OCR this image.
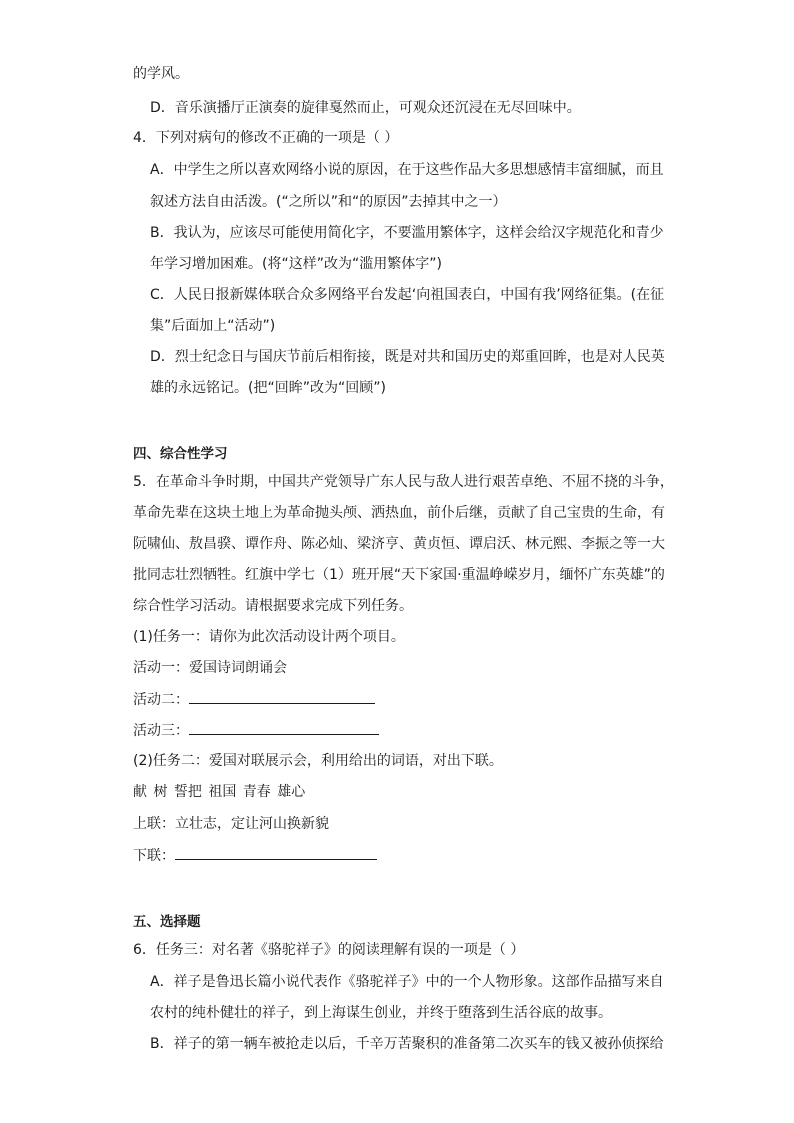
的学风。
D．音乐演播厅正演奏的旋律戛然而止，可观众还沉浸在无尽回味中。
4．下列对病句的修改不正确的一项是（ ）
A．中学生之所以喜欢网络小说的原因，在于这些作品大多思想感情丰富细腻，而且
叙述方法自由活泼。(“之所以”和“的原因”去掉其中之一）
B．我认为，应该尽可能使用简化字，不要滥用繁体字，这样会给汉字规范化和青少
年学习增加困难。(将“这样”改为“滥用繁体字”)
C．人民日报新媒体联合众多网络平台发起‘向祖国表白，中国有我’网络征集。(在征
集”后面加上“活动”)
D．烈士纪念日与国庆节前后相衔接，既是对共和国历史的郑重回眸，也是对人民英
雄的永远铭记。(把“回眸”改为“回顾”)
四、综合性学习
5．在革命斗争时期，中国共产党领导广东人民与敌人进行艰苦卓绝、不屈不挠的斗争，
革命先辈在这块土地上为革命抛头颅、洒热血，前仆后继，贡献了自己宝贵的生命，有
阮啸仙、敖昌骙、谭作舟、陈必灿、梁济亨、黄贞恒、谭启沃、林元熙、李振之等一大
批同志壮烈牺牲。红旗中学七（1）班开展“天下家国·重温峥嵘岁月，缅怀广东英雄”的
综合性学习活动。请根据要求完成下列任务。
(1)任务一：请你为此次活动设计两个项目。
活动一：爱国诗词朗诵会
活动二：
活动三：
(2)任务二：爱国对联展示会，利用给出的词语，对出下联。
献 树 誓把 祖国 青春 雄心
上联：立壮志，定让河山换新貌
下联：
五、选择题
6．任务三：对名著《骆驼祥子》的阅读理解有误的一项是（ ）
A．祥子是鲁迅长篇小说代表作《骆驼祥子》中的一个人物形象。这部作品描写来自
农村的纯朴健壮的祥子，到上海谋生创业，并终于堕落到生活谷底的故事。
B．祥子的第一辆车被抢走以后，千辛万苦聚积的准备第二次买车的钱又被孙侦探给
